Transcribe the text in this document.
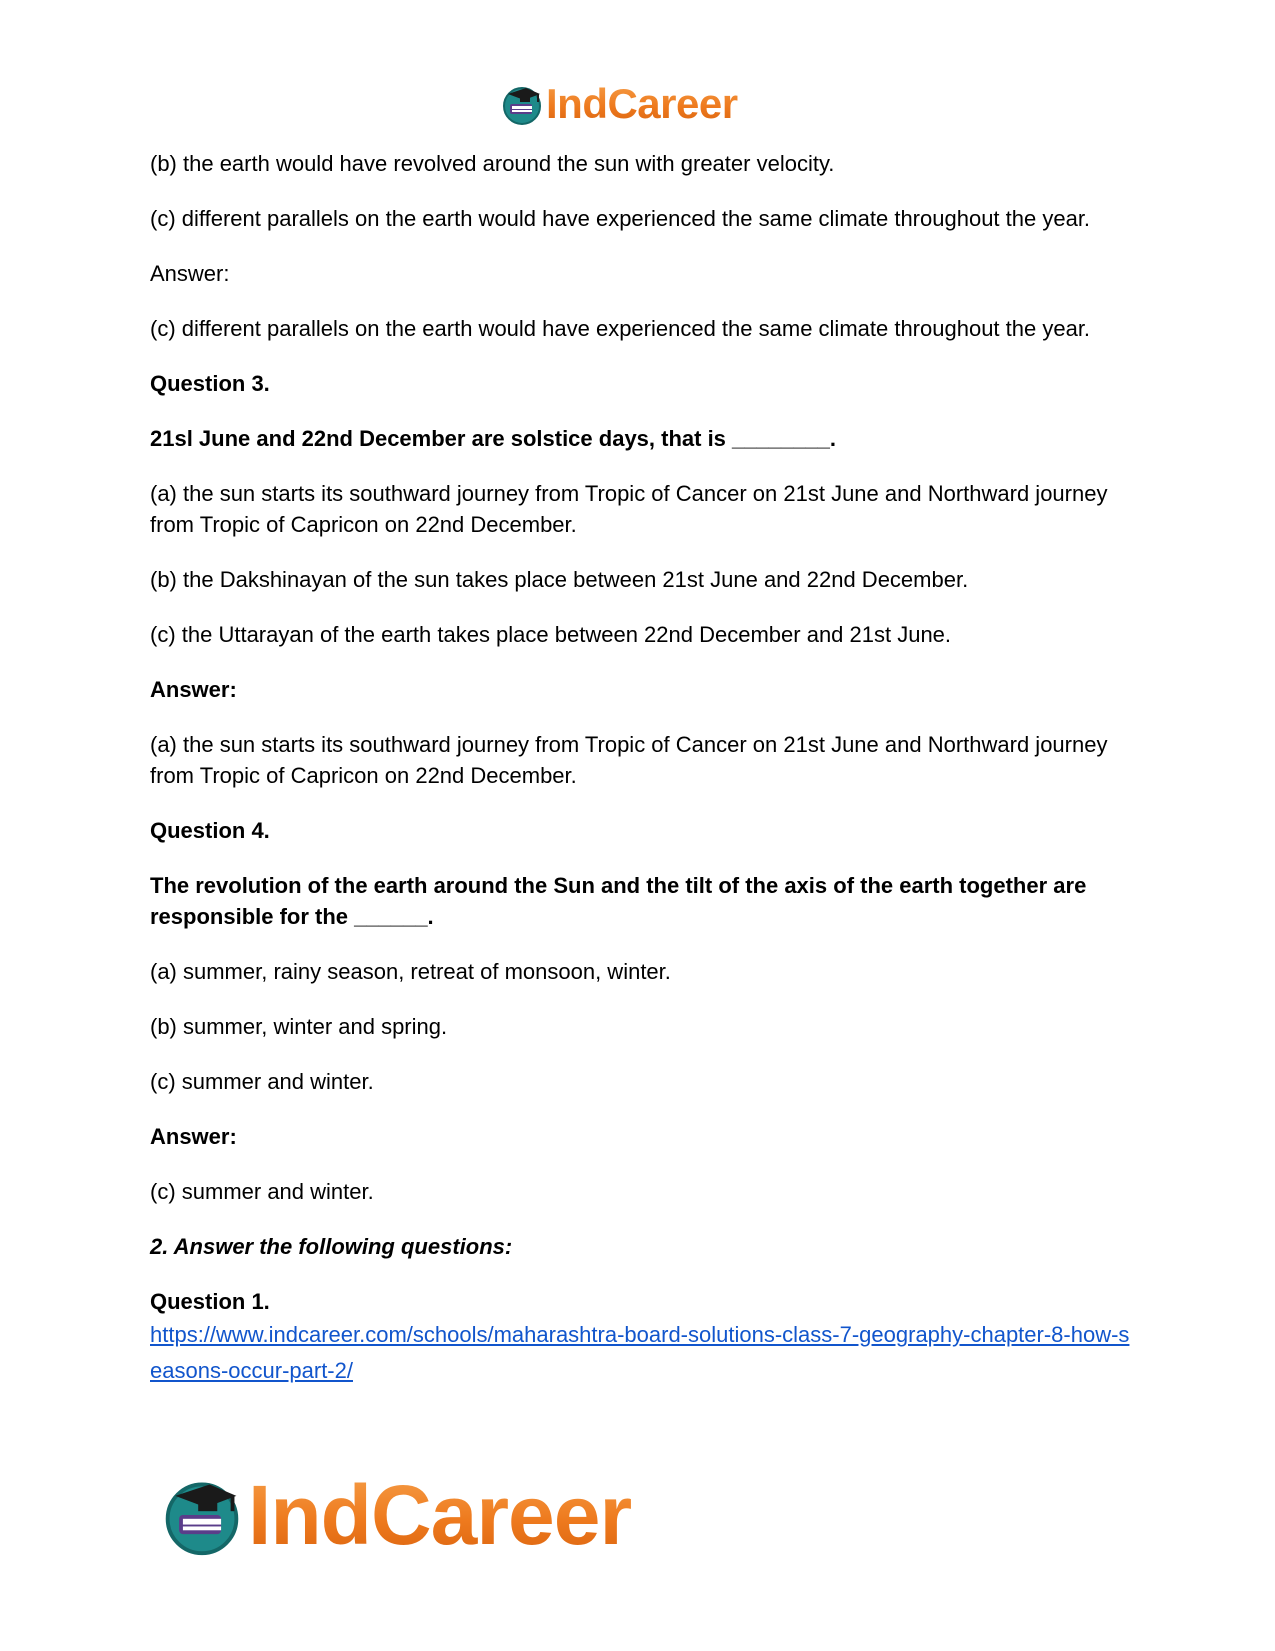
IndCareer

(b) the earth would have revolved around the sun with greater velocity.

(c) different parallels on the earth would have experienced the same climate throughout the year.

Answer:

(c) different parallels on the earth would have experienced the same climate throughout the year.

Question 3.

21sl June and 22nd December are solstice days, that is ________.

(a) the sun starts its southward journey from Tropic of Cancer on 21st June and Northward journey from Tropic of Capricon on 22nd December.

(b) the Dakshinayan of the sun takes place between 21st June and 22nd December.

(c) the Uttarayan of the earth takes place between 22nd December and 21st June.

Answer:

(a) the sun starts its southward journey from Tropic of Cancer on 21st June and Northward journey from Tropic of Capricon on 22nd December.

Question 4.

The revolution of the earth around the Sun and the tilt of the axis of the earth together are responsible for the ______.

(a) summer, rainy season, retreat of monsoon, winter.

(b) summer, winter and spring.

(c) summer and winter.

Answer:

(c) summer and winter.

2. Answer the following questions:

Question 1.

https://www.indcareer.com/schools/maharashtra-board-solutions-class-7-geography-chapter-8-how-seasons-occur-part-2/
IndCareer
